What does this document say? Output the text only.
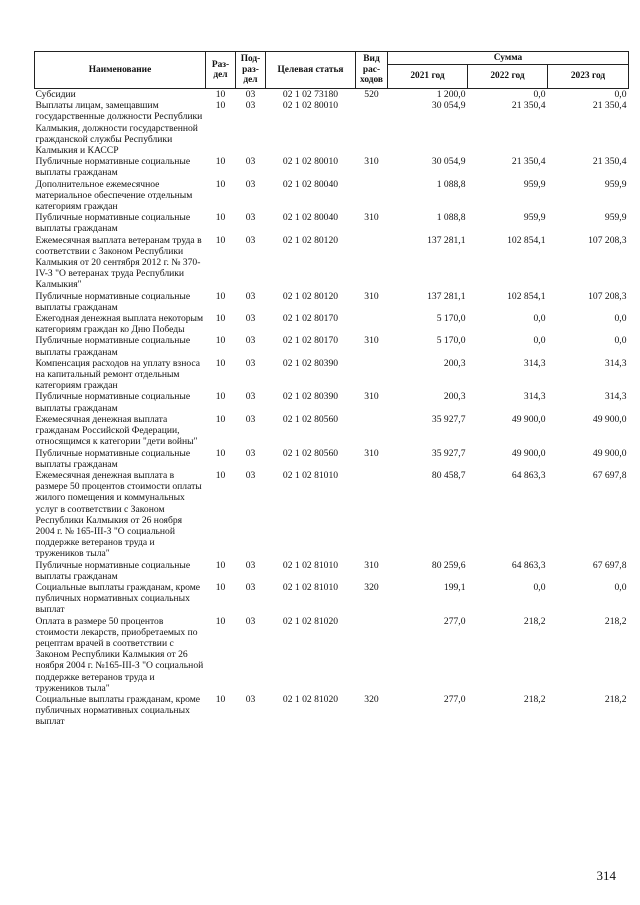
Наименование	Раз-дел	Под-раз-дел	Целевая статья	Вид рас-ходов	Сумма		
					2021 год	2022 год	2023 год
Субсидии	10	03	02 1 02 73180	520	1 200,0	0,0	0,0
Выплаты лицам, замещавшим государственные должности Республики Калмыкия, должности государственной гражданской службы Республики Калмыкия и КАССР	10	03	02 1 02 80010		30 054,9	21 350,4	21 350,4
Публичные нормативные социальные выплаты гражданам	10	03	02 1 02 80010	310	30 054,9	21 350,4	21 350,4
Дополнительное ежемесячное материальное обеспечение отдельным категориям граждан	10	03	02 1 02 80040		1 088,8	959,9	959,9
Публичные нормативные социальные выплаты гражданам	10	03	02 1 02 80040	310	1 088,8	959,9	959,9
Ежемесячная выплата ветеранам труда в соответствии с Законом Республики Калмыкия от 20 сентября 2012 г. № 370-IV-З "О ветеранах труда Республики Калмыкия"	10	03	02 1 02 80120		137 281,1	102 854,1	107 208,3
Публичные нормативные социальные выплаты гражданам	10	03	02 1 02 80120	310	137 281,1	102 854,1	107 208,3
Ежегодная денежная выплата некоторым категориям граждан ко Дню Победы	10	03	02 1 02 80170		5 170,0	0,0	0,0
Публичные нормативные социальные выплаты гражданам	10	03	02 1 02 80170	310	5 170,0	0,0	0,0
Компенсация расходов на уплату взноса на капитальный ремонт отдельным категориям граждан	10	03	02 1 02 80390		200,3	314,3	314,3
Публичные нормативные социальные выплаты гражданам	10	03	02 1 02 80390	310	200,3	314,3	314,3
Ежемесячная денежная выплата гражданам Российской Федерации, относящимся к категории "дети войны"	10	03	02 1 02 80560		35 927,7	49 900,0	49 900,0
Публичные нормативные социальные выплаты гражданам	10	03	02 1 02 80560	310	35 927,7	49 900,0	49 900,0
Ежемесячная денежная выплата в размере 50 процентов стоимости оплаты жилого помещения и коммунальных услуг в соответствии с Законом Республики Калмыкия от 26 ноября 2004 г. № 165-III-З "О социальной поддержке ветеранов труда и тружеников тыла"	10	03	02 1 02 81010		80 458,7	64 863,3	67 697,8
Публичные нормативные социальные выплаты гражданам	10	03	02 1 02 81010	310	80 259,6	64 863,3	67 697,8
Социальные выплаты гражданам, кроме публичных нормативных социальных выплат	10	03	02 1 02 81010	320	199,1	0,0	0,0
Оплата в размере 50 процентов стоимости лекарств, приобретаемых по рецептам врачей в соответствии с Законом Республики Калмыкия от 26 ноября 2004 г. №165-III-З "О социальной поддержке ветеранов труда и тружеников тыла"	10	03	02 1 02 81020		277,0	218,2	218,2
Социальные выплаты гражданам, кроме публичных нормативных социальных выплат	10	03	02 1 02 81020	320	277,0	218,2	218,2
314
